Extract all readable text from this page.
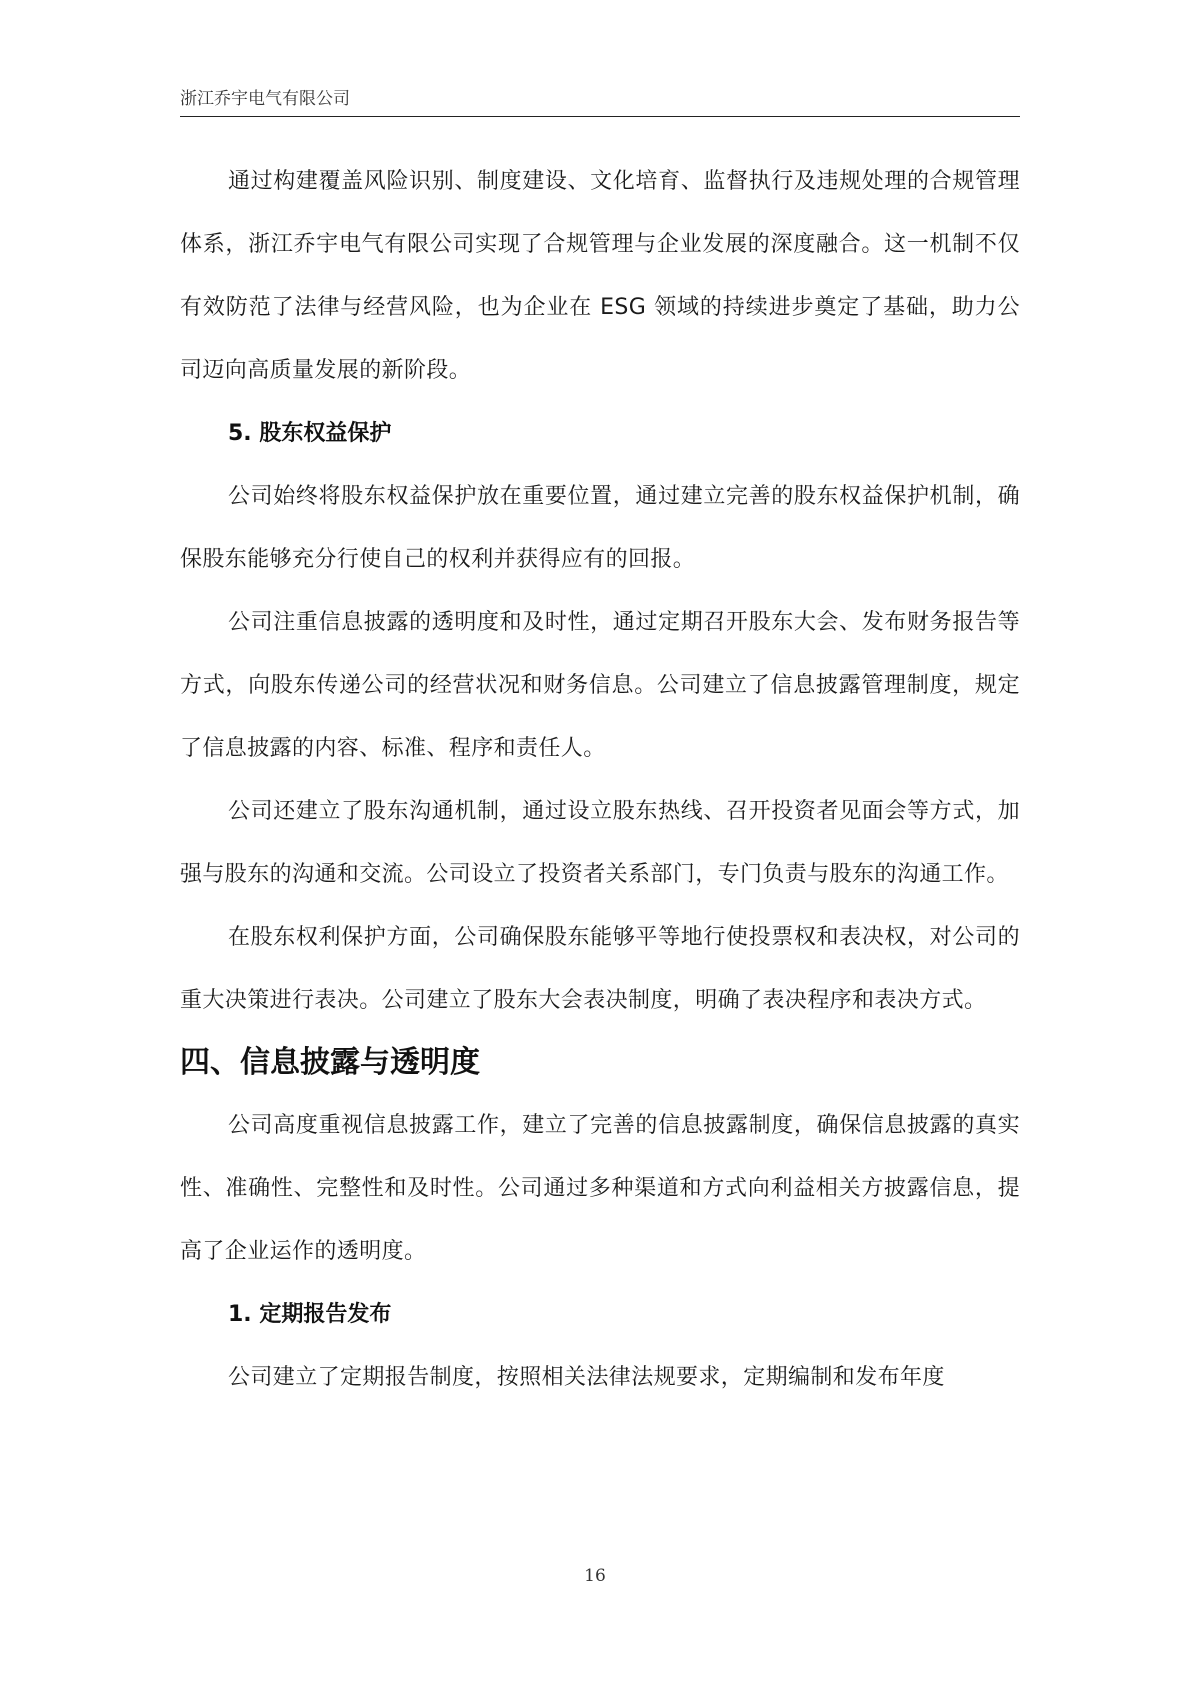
浙江乔宇电气有限公司

通过构建覆盖风险识别、制度建设、文化培育、监督执行及违规处理的合规管理体系，浙江乔宇电气有限公司实现了合规管理与企业发展的深度融合。这一机制不仅有效防范了法律与经营风险，也为企业在 ESG 领域的持续进步奠定了基础，助力公司迈向高质量发展的新阶段。

5. 股东权益保护

公司始终将股东权益保护放在重要位置，通过建立完善的股东权益保护机制，确保股东能够充分行使自己的权利并获得应有的回报。

公司注重信息披露的透明度和及时性，通过定期召开股东大会、发布财务报告等方式，向股东传递公司的经营状况和财务信息。公司建立了信息披露管理制度，规定了信息披露的内容、标准、程序和责任人。

公司还建立了股东沟通机制，通过设立股东热线、召开投资者见面会等方式，加强与股东的沟通和交流。公司设立了投资者关系部门，专门负责与股东的沟通工作。

在股东权利保护方面，公司确保股东能够平等地行使投票权和表决权，对公司的重大决策进行表决。公司建立了股东大会表决制度，明确了表决程序和表决方式。

四、信息披露与透明度

公司高度重视信息披露工作，建立了完善的信息披露制度，确保信息披露的真实性、准确性、完整性和及时性。公司通过多种渠道和方式向利益相关方披露信息，提高了企业运作的透明度。

1. 定期报告发布

公司建立了定期报告制度，按照相关法律法规要求，定期编制和发布年度

16
